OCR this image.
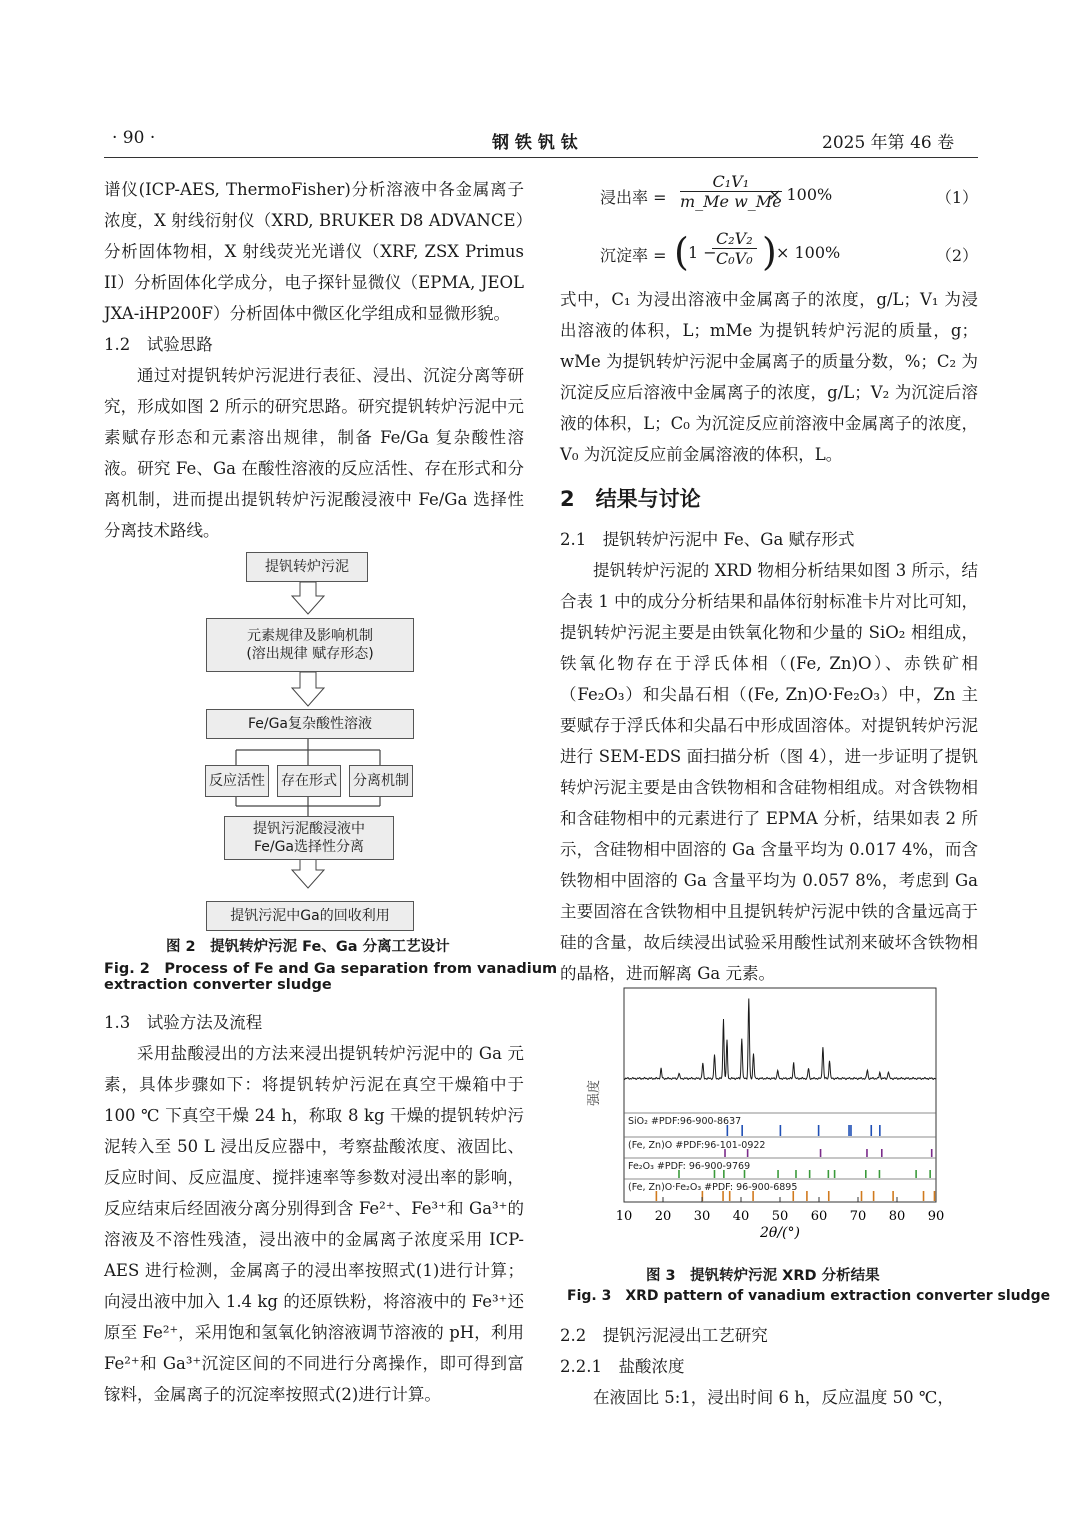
· 90 ·	钢 铁 钒 钛	2025 年第 46 卷

谱仪(ICP-AES, ThermoFisher)分析溶液中各金属离子浓度，X 射线衍射仪（XRD, BRUKER D8 ADVANCE）分析固体物相，X 射线荧光光谱仪（XRF, ZSX Primus II）分析固体化学成分，电子探针显微仪（EPMA, JEOL JXA-iHP200F）分析固体中微区化学组成和显微形貌。

1.2　试验思路

通过对提钒转炉污泥进行表征、浸出、沉淀分离等研究，形成如图 2 所示的研究思路。研究提钒转炉污泥中元素赋存形态和元素溶出规律，制备 Fe/Ga 复杂酸性溶液。研究 Fe、Ga 在酸性溶液的反应活性、存在形式和分离机制，进而提出提钒转炉污泥酸浸液中 Fe/Ga 选择性分离技术路线。

提钒转炉污泥
元素规律及影响机制
(溶出规律 赋存形态)
Fe/Ga复杂酸性溶液
反应活性 存在形式 分离机制
提钒污泥酸浸液中
Fe/Ga选择性分离
提钒污泥中Ga的回收利用
图 2　提钒转炉污泥 Fe、Ga 分离工艺设计
Fig. 2　Process of Fe and Ga separation from vanadium
extraction converter sludge

1.3　试验方法及流程

采用盐酸浸出的方法来浸出提钒转炉污泥中的 Ga 元素，具体步骤如下：将提钒转炉污泥在真空干燥箱中于 100 ℃ 下真空干燥 24 h，称取 8 kg 干燥的提钒转炉污泥转入至 50 L 浸出反应器中，考察盐酸浓度、液固比、反应时间、反应温度、搅拌速率等参数对浸出率的影响，反应结束后经固液分离分别得到含 Fe²⁺、Fe³⁺和 Ga³⁺的溶液及不溶性残渣，浸出液中的金属离子浓度采用 ICP-AES 进行检测，金属离子的浸出率按照式(1)进行计算；向浸出液中加入 1.4 kg 的还原铁粉，将溶液中的 Fe³⁺还原至 Fe²⁺，采用饱和氢氧化钠溶液调节溶液的 pH，利用 Fe²⁺和 Ga³⁺沉淀区间的不同进行分离操作，即可得到富镓料，金属离子的沉淀率按照式(2)进行计算。

浸出率 = $\frac{\text{C₁V₁}}{\text{m\_Me w\_Me}}$
× 100%	（1）
沉淀率 = ( 1 −
$\frac{\text{C₂V₂}}{\text{C₀V₀}}$ ) × 100%	（2）

式中，C₁ 为浸出溶液中金属离子的浓度，g/L；V₁ 为浸出溶液的体积，L；mMe 为提钒转炉污泥的质量，g；wMe 为提钒转炉污泥中金属离子的质量分数，%；C₂ 为沉淀反应后溶液中金属离子的浓度，g/L；V₂ 为沉淀后溶液的体积，L；C₀ 为沉淀反应前溶液中金属离子的浓度，V₀ 为沉淀反应前金属溶液的体积，L。

2　结果与讨论

2.1　提钒转炉污泥中 Fe、Ga 赋存形式

提钒转炉污泥的 XRD 物相分析结果如图 3 所示，结合表 1 中的成分分析结果和晶体衍射标准卡片对比可知，提钒转炉污泥主要是由铁氧化物和少量的 SiO₂ 相组成，铁氧化物存在于浮氏体相（(Fe, Zn)O）、赤铁矿相（Fe₂O₃）和尖晶石相（(Fe, Zn)O·Fe₂O₃）中，Zn 主要赋存于浮氏体和尖晶石中形成固溶体。对提钒转炉污泥进行 SEM-EDS 面扫描分析（图 4），进一步证明了提钒转炉污泥主要是由含铁物相和含硅物相组成。对含铁物相和含硅物相中的元素进行了 EPMA 分析，结果如表 2 所示，含硅物相中固溶的 Ga 含量平均为 0.017 4%，而含铁物相中固溶的 Ga 含量平均为 0.057 8%，考虑到 Ga 主要固溶在含铁物相中且提钒转炉污泥中铁的含量远高于硅的含量，故后续浸出试验采用酸性试剂来破坏含铁物相的晶格，进而解离 Ga 元素。

SiO₂ #PDF:96-900-8637
(Fe, Zn)O #PDF:96-101-0922
Fe₂O₃ #PDF: 96-900-9769
(Fe, Zn)O·Fe₂O₃ #PDF: 96-900-6895
10 20 30 40 50 60 70 80 90
强度
2θ/(°)
图 3　提钒转炉污泥 XRD 分析结果
Fig. 3　XRD pattern of vanadium extraction converter sludge

2.2　提钒污泥浸出工艺研究

2.2.1　盐酸浓度

在液固比 5:1，浸出时间 6 h，反应温度 50 ℃，
